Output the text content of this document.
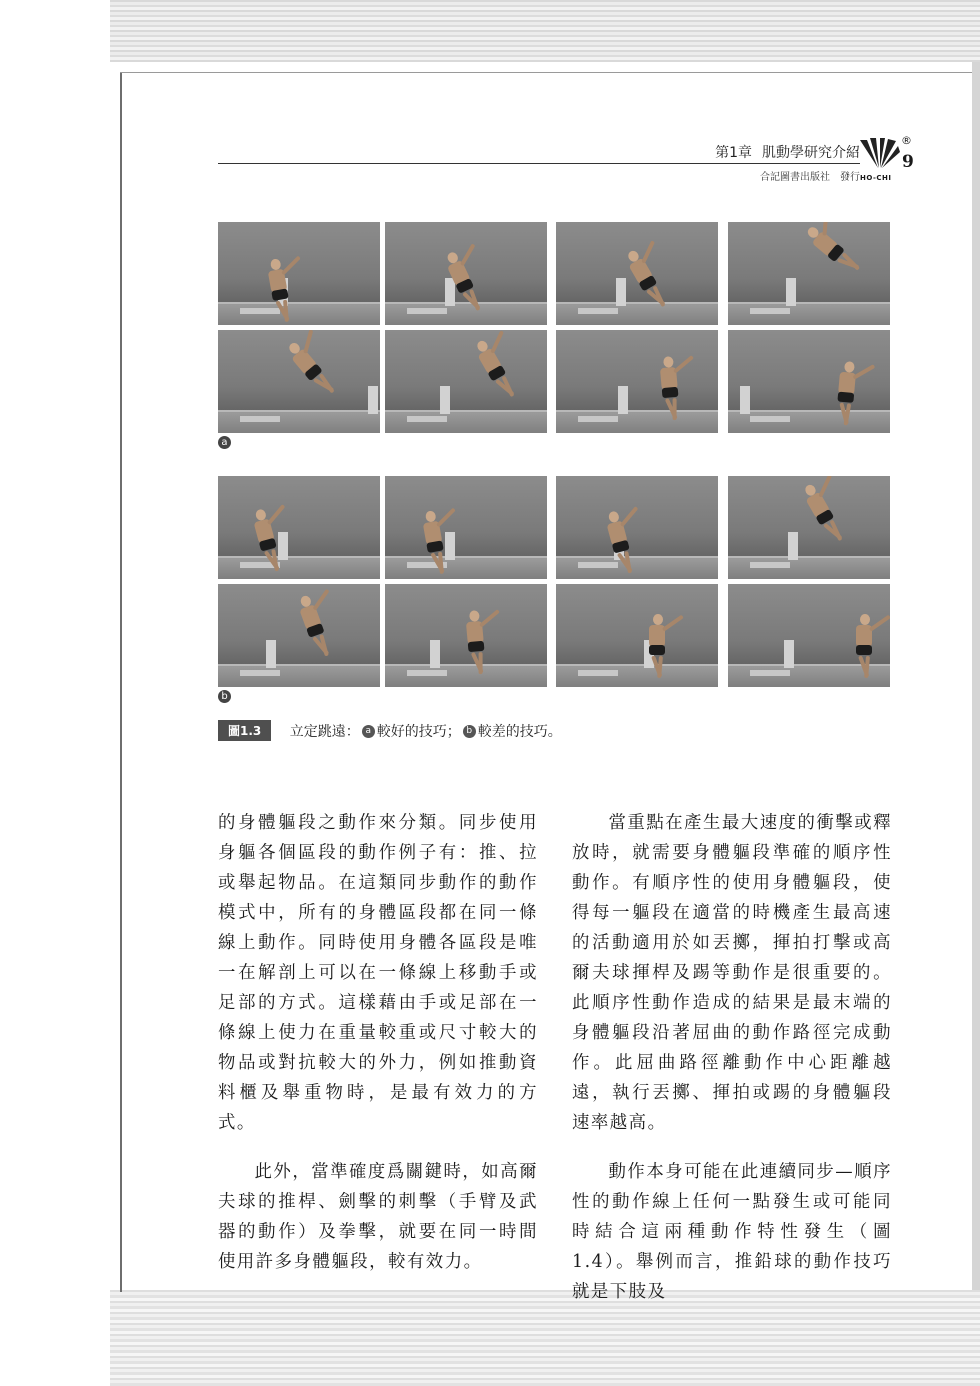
第1章 肌動學研究介紹
合記圖書出版社　發行
®
9
HO-CHI
a
b
圖1.3 立定跳遠： a 較好的技巧； b 較差的技巧。

的身體軀段之動作來分類。同步使用身軀各個區段的動作例子有：推、拉或舉起物品。在這類同步動作的動作模式中，所有的身體區段都在同一條線上動作。同時使用身體各區段是唯一在解剖上可以在一條線上移動手或足部的方式。這樣藉由手或足部在一條線上使力在重量較重或尺寸較大的物品或對抗較大的外力，例如推動資料櫃及舉重物時，是最有效力的方式。

此外，當準確度爲關鍵時，如高爾夫球的推桿、劍擊的刺擊（手臂及武器的動作）及拳擊，就要在同一時間使用許多身體軀段，較有效力。

當重點在產生最大速度的衝擊或釋放時，就需要身體軀段準確的順序性動作。有順序性的使用身體軀段，使得每一軀段在適當的時機產生最高速的活動適用於如丟擲，揮拍打擊或高爾夫球揮桿及踢等動作是很重要的。此順序性動作造成的結果是最末端的身體軀段沿著屈曲的動作路徑完成動作。此屈曲路徑離動作中心距離越遠，執行丟擲、揮拍或踢的身體軀段速率越高。

動作本身可能在此連續同步—順序性的動作線上任何一點發生或可能同時結合這兩種動作特性發生（圖1.4）。舉例而言，推鉛球的動作技巧就是下肢及
